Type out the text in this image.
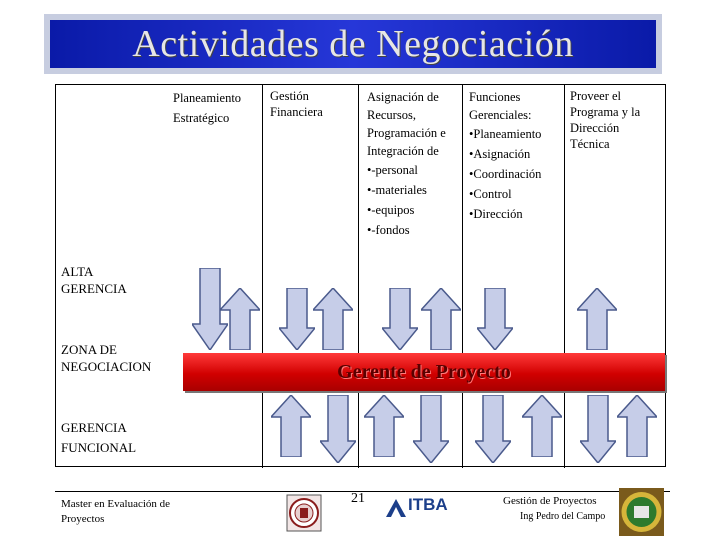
Actividades de Negociación
Planeamiento
Estratégico
Gestión
Financiera
Asignación de
Recursos,
Programación e
Integración de
•-personal
•-materiales
•-equipos
•-fondos
Funciones
Gerenciales:
•Planeamiento
•Asignación
•Coordinación
•Control
•Dirección
Proveer el
Programa y la
Dirección
Técnica
ALTA
GERENCIA
ZONA DE
NEGOCIACION
GERENCIA
FUNCIONAL
Gerente de Proyecto
Master en Evaluación de
Proyectos
21	ITBA	Gestión de Proyectos
Ing Pedro del Campo
